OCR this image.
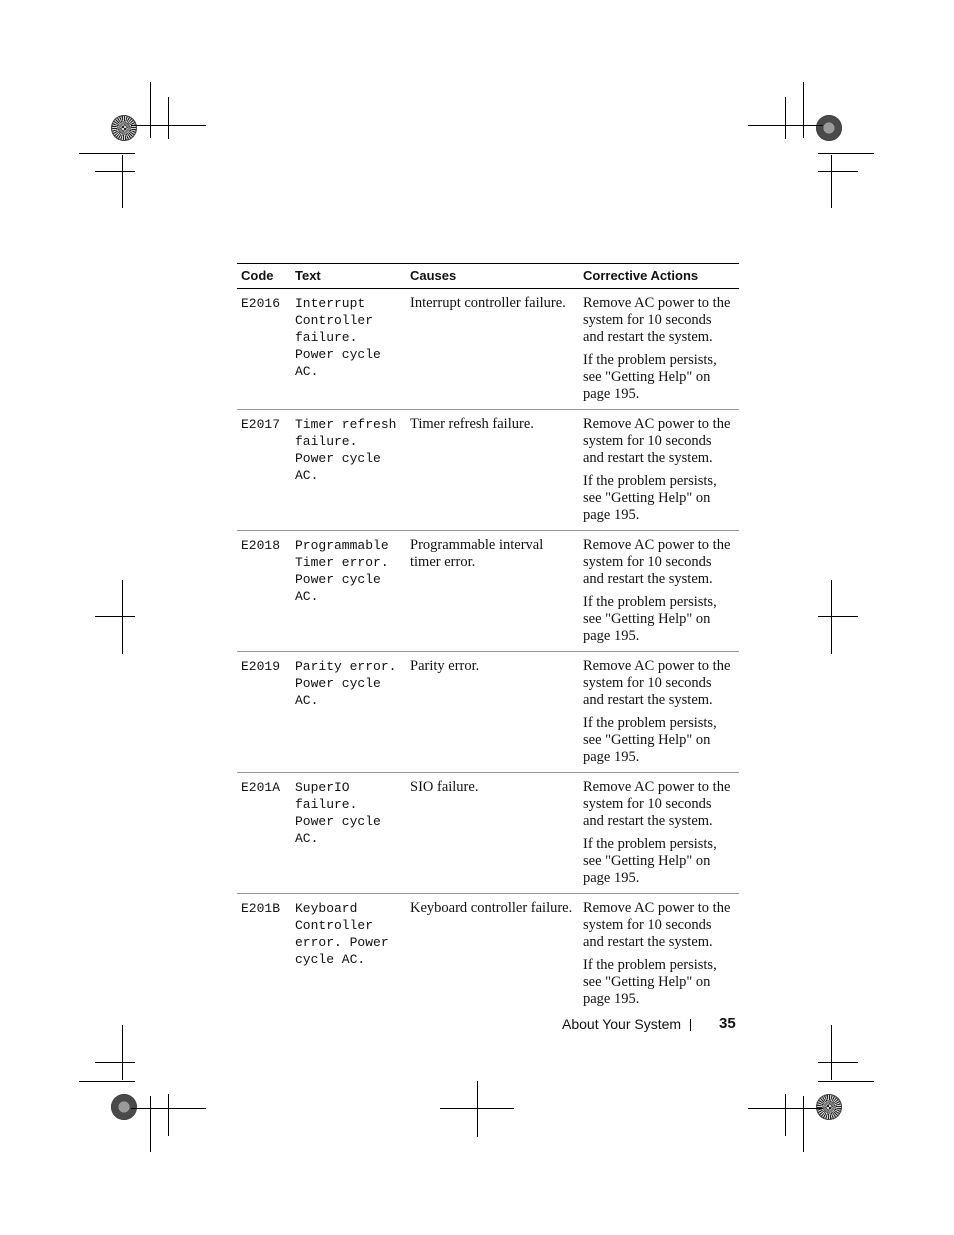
Code	Text	Causes	Corrective Actions
E2016	Interrupt Controller failure. Power cycle AC.	Interrupt controller failure.	Remove AC power to the system for 10 seconds and restart the system.

If the problem persists, see "Getting Help" on page 195.

E2017	Timer refresh failure. Power cycle AC.	Timer refresh failure.	Remove AC power to the system for 10 seconds and restart the system.

If the problem persists, see "Getting Help" on page 195.

E2018	Programmable Timer error. Power cycle AC.	Programmable interval timer error.	Remove AC power to the system for 10 seconds and restart the system.

If the problem persists, see "Getting Help" on page 195.

E2019	Parity error. Power cycle AC.	Parity error.	Remove AC power to the system for 10 seconds and restart the system.

If the problem persists, see "Getting Help" on page 195.

E201A	SuperIO failure. Power cycle AC.	SIO failure.	Remove AC power to the system for 10 seconds and restart the system.

If the problem persists, see "Getting Help" on page 195.

E201B	Keyboard Controller error. Power cycle AC.	Keyboard controller failure.	Remove AC power to the system for 10 seconds and restart the system.

If the problem persists, see "Getting Help" on page 195.

About Your System	35
